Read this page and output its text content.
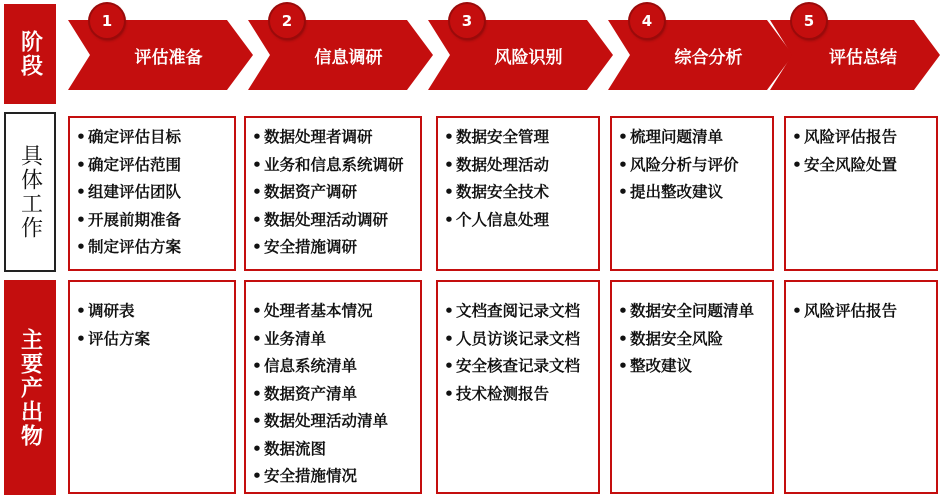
阶段
具体工作
主要产出物
评估准备
1
信息调研
2
风险识别
3
综合分析
4
评估总结
5
• 确定评估目标
• 确定评估范围
• 组建评估团队
• 开展前期准备
• 制定评估方案
• 数据处理者调研
• 业务和信息系统调研
• 数据资产调研
• 数据处理活动调研
• 安全措施调研
• 数据安全管理
• 数据处理活动
• 数据安全技术
• 个人信息处理
• 梳理问题清单
• 风险分析与评价
• 提出整改建议
• 风险评估报告
• 安全风险处置
• 调研表
• 评估方案
• 处理者基本情况
• 业务清单
• 信息系统清单
• 数据资产清单
• 数据处理活动清单
• 数据流图
• 安全措施情况
• 文档查阅记录文档
• 人员访谈记录文档
• 安全核查记录文档
• 技术检测报告
• 数据安全问题清单
• 数据安全风险
• 整改建议
• 风险评估报告
